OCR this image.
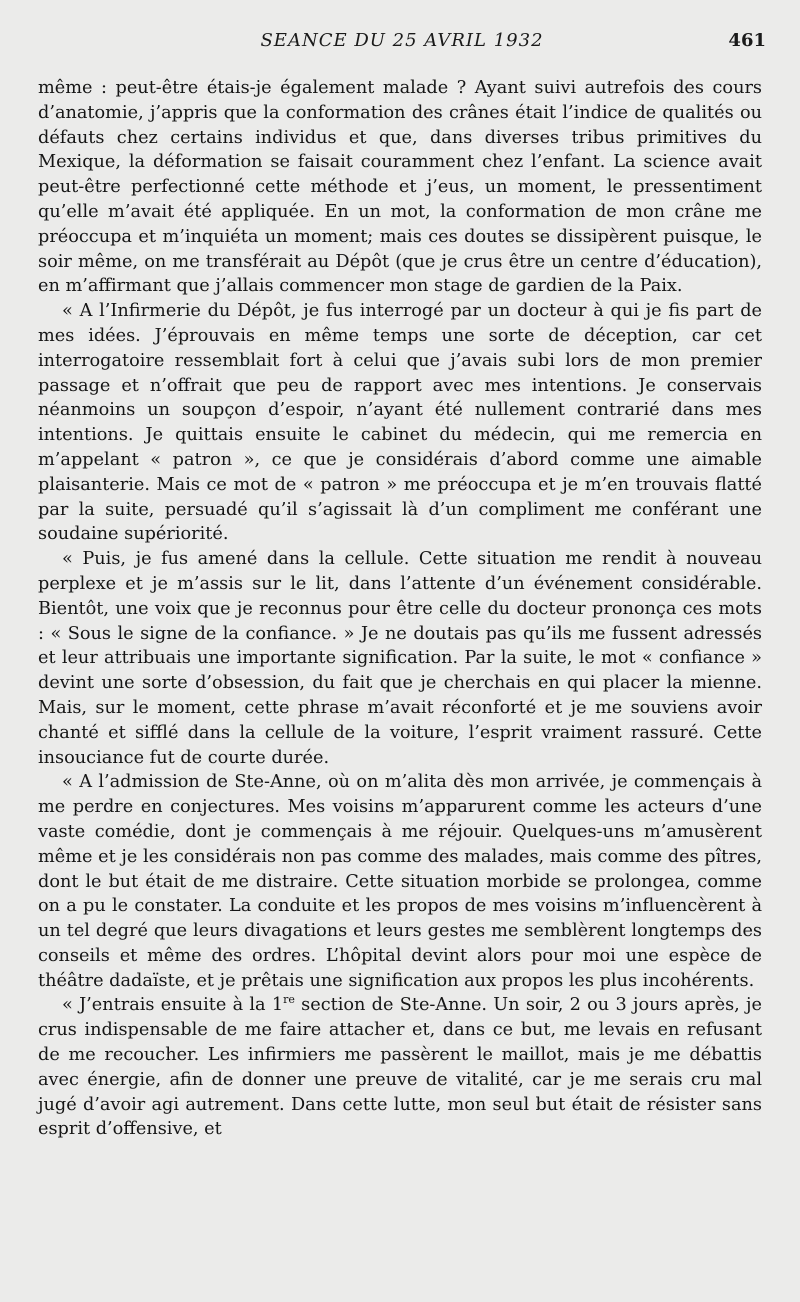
SEANCE DU 25 AVRIL 1932	461

même : peut-être étais-je également malade ? Ayant suivi autrefois des cours d’anatomie, j’appris que la conformation des crânes était l’indice de qualités ou défauts chez certains individus et que, dans diverses tribus primitives du Mexique, la déformation se faisait couramment chez l’enfant. La science avait peut-être perfectionné cette méthode et j’eus, un moment, le pressentiment qu’elle m’avait été appliquée. En un mot, la conformation de mon crâne me préoccupa et m’inquiéta un moment; mais ces doutes se dissipèrent puisque, le soir même, on me transférait au Dépôt (que je crus être un centre d’éducation), en m’affirmant que j’allais commencer mon stage de gardien de la Paix.

« A l’Infirmerie du Dépôt, je fus interrogé par un docteur à qui je fis part de mes idées. J’éprouvais en même temps une sorte de déception, car cet interrogatoire ressemblait fort à celui que j’avais subi lors de mon premier passage et n’offrait que peu de rapport avec mes intentions. Je conservais néanmoins un soupçon d’espoir, n’ayant été nullement contrarié dans mes intentions. Je quittais ensuite le cabinet du médecin, qui me remercia en m’appelant « patron », ce que je considérais d’abord comme une aimable plaisanterie. Mais ce mot de « patron » me préoccupa et je m’en trouvais flatté par la suite, persuadé qu’il s’agissait là d’un compliment me conférant une soudaine supériorité.

« Puis, je fus amené dans la cellule. Cette situation me rendit à nouveau perplexe et je m’assis sur le lit, dans l’attente d’un événement considérable. Bientôt, une voix que je reconnus pour être celle du docteur prononça ces mots : « Sous le signe de la confiance. » Je ne doutais pas qu’ils me fussent adressés et leur attribuais une importante signification. Par la suite, le mot « confiance » devint une sorte d’obsession, du fait que je cherchais en qui placer la mienne. Mais, sur le moment, cette phrase m’avait réconforté et je me souviens avoir chanté et sifflé dans la cellule de la voiture, l’esprit vraiment rassuré. Cette insouciance fut de courte durée.

« A l’admission de Ste-Anne, où on m’alita dès mon arrivée, je commençais à me perdre en conjectures. Mes voisins m’apparurent comme les acteurs d’une vaste comédie, dont je commençais à me réjouir. Quelques-uns m’amusèrent même et je les considérais non pas comme des malades, mais comme des pîtres, dont le but était de me distraire. Cette situation morbide se prolongea, comme on a pu le constater. La conduite et les propos de mes voisins m’influencèrent à un tel degré que leurs divagations et leurs gestes me semblèrent longtemps des conseils et même des ordres. L’hôpital devint alors pour moi une espèce de théâtre dadaïste, et je prêtais une signification aux propos les plus incohérents.

« J’entrais ensuite à la 1re section de Ste-Anne. Un soir, 2 ou 3 jours après, je crus indispensable de me faire attacher et, dans ce but, me levais en refusant de me recoucher. Les infirmiers me passèrent le maillot, mais je me débattis avec énergie, afin de donner une preuve de vitalité, car je me serais cru mal jugé d’avoir agi autrement. Dans cette lutte, mon seul but était de résister sans esprit d’offensive, et
